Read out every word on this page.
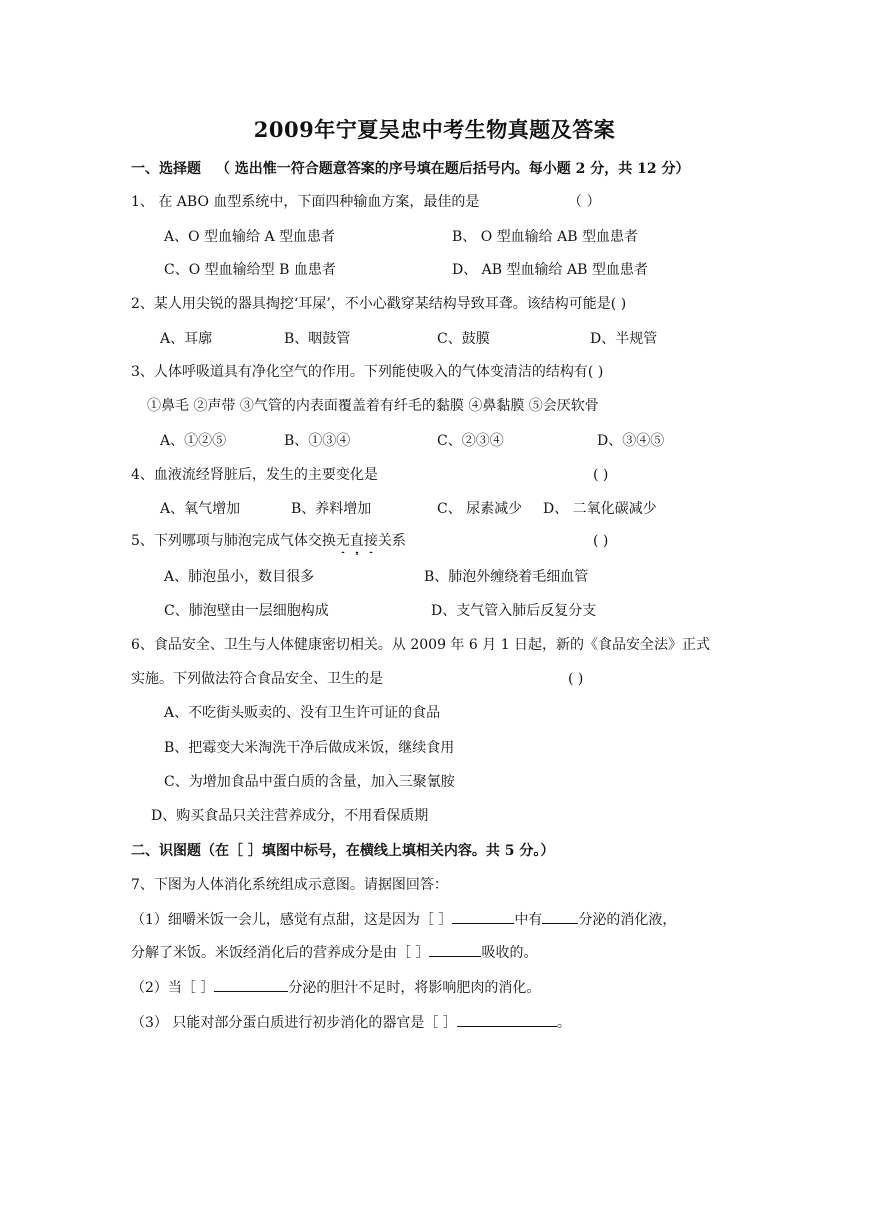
2009年宁夏吴忠中考生物真题及答案
一、选择题 （ 选出惟一符合题意答案的序号填在题后括号内。每小题 2 分，共 12 分）
1、 在 ABO 血型系统中，下面四种输血方案，最佳的是	（ ）
A、O 型血输给 A 型血患者	B、 O 型血输给 AB 型血患者
C、O 型血输给型 B 血患者	D、 AB 型血输给 AB 型血患者
2、某人用尖锐的器具掏挖‘耳屎’，不小心戳穿某结构导致耳聋。该结构可能是( )
A、耳廓	B、咽鼓管	C、鼓膜	D、半规管
3、人体呼吸道具有净化空气的作用。下列能使吸入的气体变清洁的结构有( )
①鼻毛 ②声带 ③气管的内表面覆盖着有纤毛的黏膜 ④鼻黏膜 ⑤会厌软骨
A、①②⑤	B、①③④	C、②③④	D、③④⑤
4、血液流经肾脏后，发生的主要变化是	( )
A、氧气增加	B、养料增加	C、 尿素减少 D、 二氧化碳减少
5、下列哪项与肺泡完成气体交换无直接关系	( )
A、肺泡虽小，数目很多	B、肺泡外缠绕着毛细血管
C、肺泡壁由一层细胞构成	D、支气管入肺后反复分支
6、食品安全、卫生与人体健康密切相关。从 2009 年 6 月 1 日起，新的《食品安全法》正式
实施。下列做法符合食品安全、卫生的是	( )
A、不吃街头贩卖的、没有卫生许可证的食品
B、把霉变大米淘洗干净后做成米饭，继续食用
C、为增加食品中蛋白质的含量，加入三聚氰胺
D、购买食品只关注营养成分，不用看保质期
二、识图题（在［ ］填图中标号，在横线上填相关内容。共 5 分。）
7、下图为人体消化系统组成示意图。请据图回答：
（1）细嚼米饭一会儿，感觉有点甜，这是因为［ ］	中有	分泌的消化液，
分解了米饭。米饭经消化后的营养成分是由［ ］	吸收的。
（2）当［ ］	分泌的胆汁不足时，将影响肥肉的消化。
（3） 只能对部分蛋白质进行初步消化的器官是［ ］	。
